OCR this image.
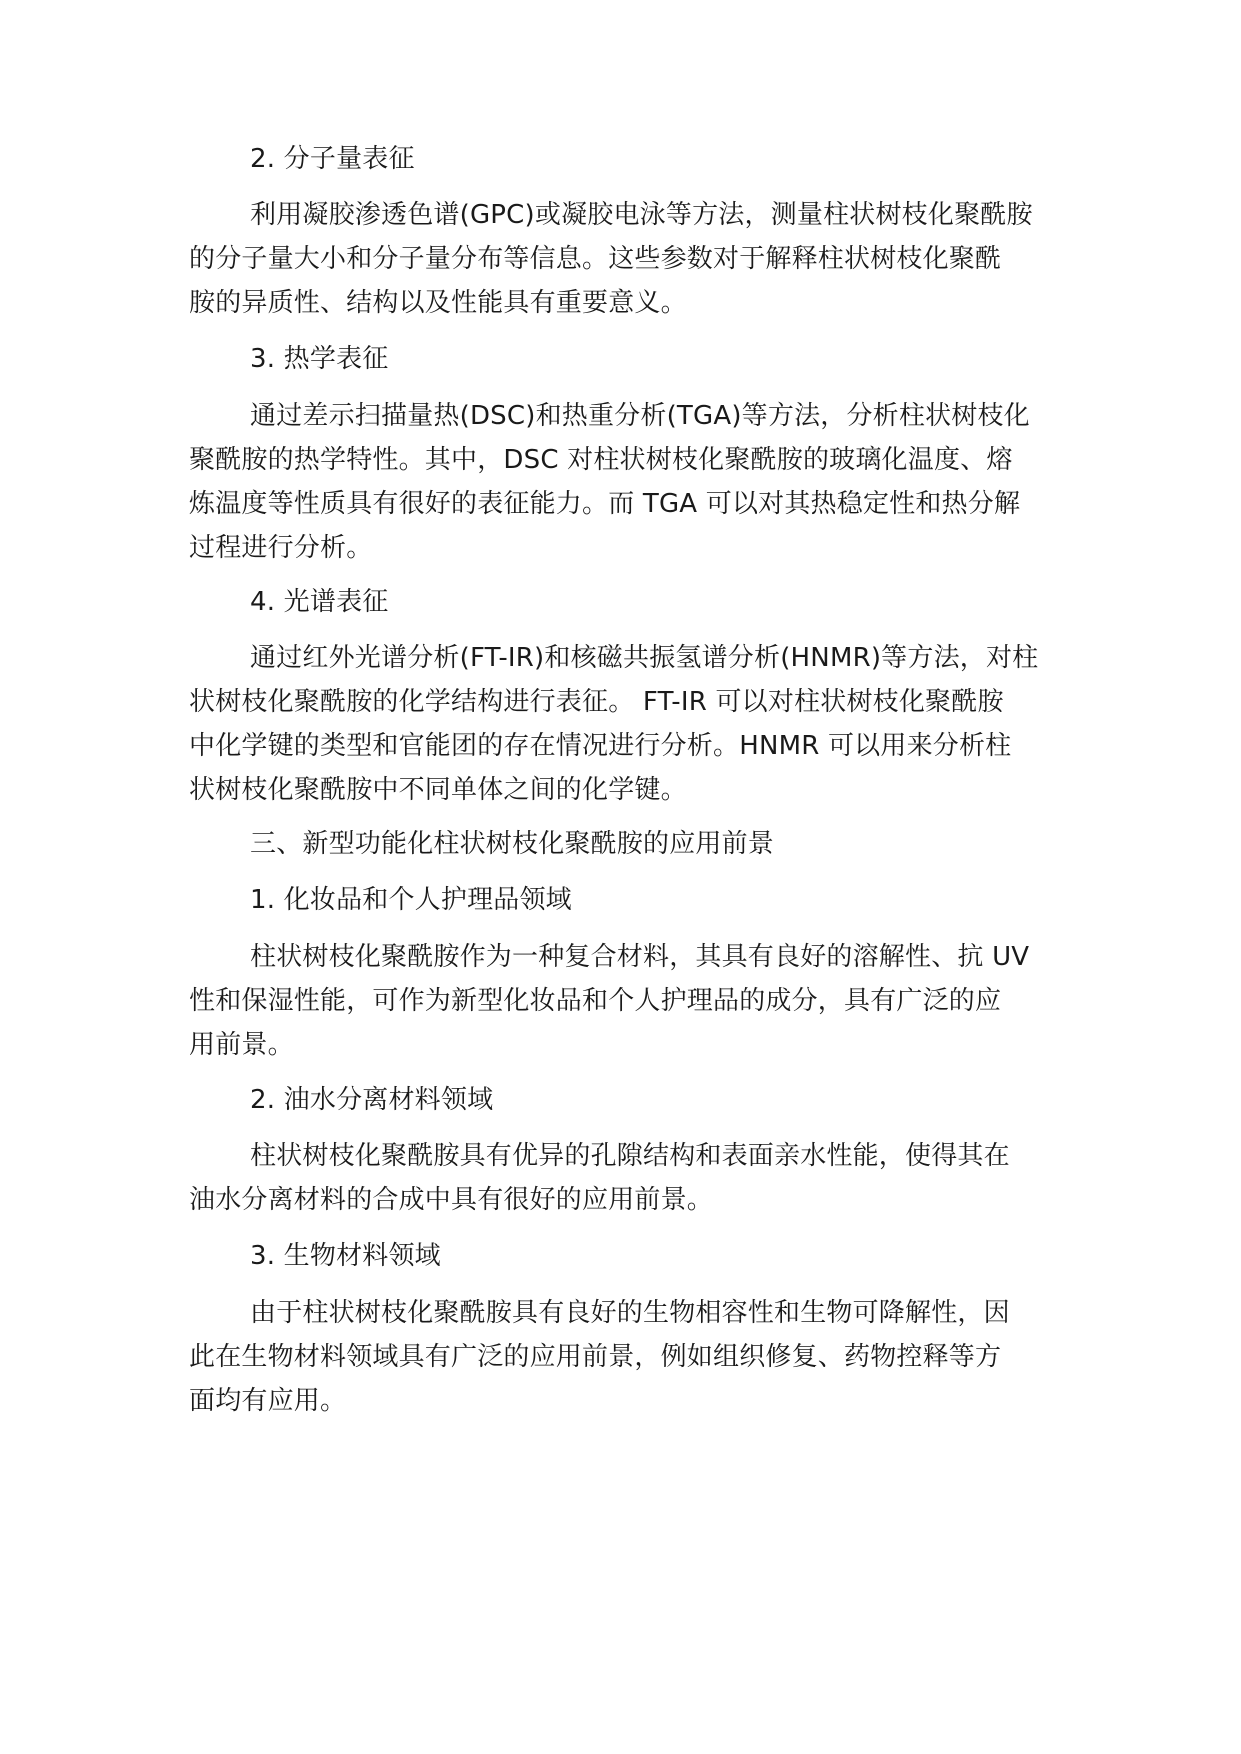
2. 分子量表征
利用凝胶渗透色谱(GPC)或凝胶电泳等方法，测量柱状树枝化聚酰胺
的分子量大小和分子量分布等信息。这些参数对于解释柱状树枝化聚酰
胺的异质性、结构以及性能具有重要意义。
3. 热学表征
通过差示扫描量热(DSC)和热重分析(TGA)等方法，分析柱状树枝化
聚酰胺的热学特性。其中，DSC 对柱状树枝化聚酰胺的玻璃化温度、熔
炼温度等性质具有很好的表征能力。而 TGA 可以对其热稳定性和热分解
过程进行分析。
4. 光谱表征
通过红外光谱分析(FT-IR)和核磁共振氢谱分析(HNMR)等方法，对柱
状树枝化聚酰胺的化学结构进行表征。 FT-IR 可以对柱状树枝化聚酰胺
中化学键的类型和官能团的存在情况进行分析。HNMR 可以用来分析柱
状树枝化聚酰胺中不同单体之间的化学键。
三、新型功能化柱状树枝化聚酰胺的应用前景
1. 化妆品和个人护理品领域
柱状树枝化聚酰胺作为一种复合材料，其具有良好的溶解性、抗 UV
性和保湿性能，可作为新型化妆品和个人护理品的成分，具有广泛的应
用前景。
2. 油水分离材料领域
柱状树枝化聚酰胺具有优异的孔隙结构和表面亲水性能，使得其在
油水分离材料的合成中具有很好的应用前景。
3. 生物材料领域
由于柱状树枝化聚酰胺具有良好的生物相容性和生物可降解性，因
此在生物材料领域具有广泛的应用前景，例如组织修复、药物控释等方
面均有应用。
